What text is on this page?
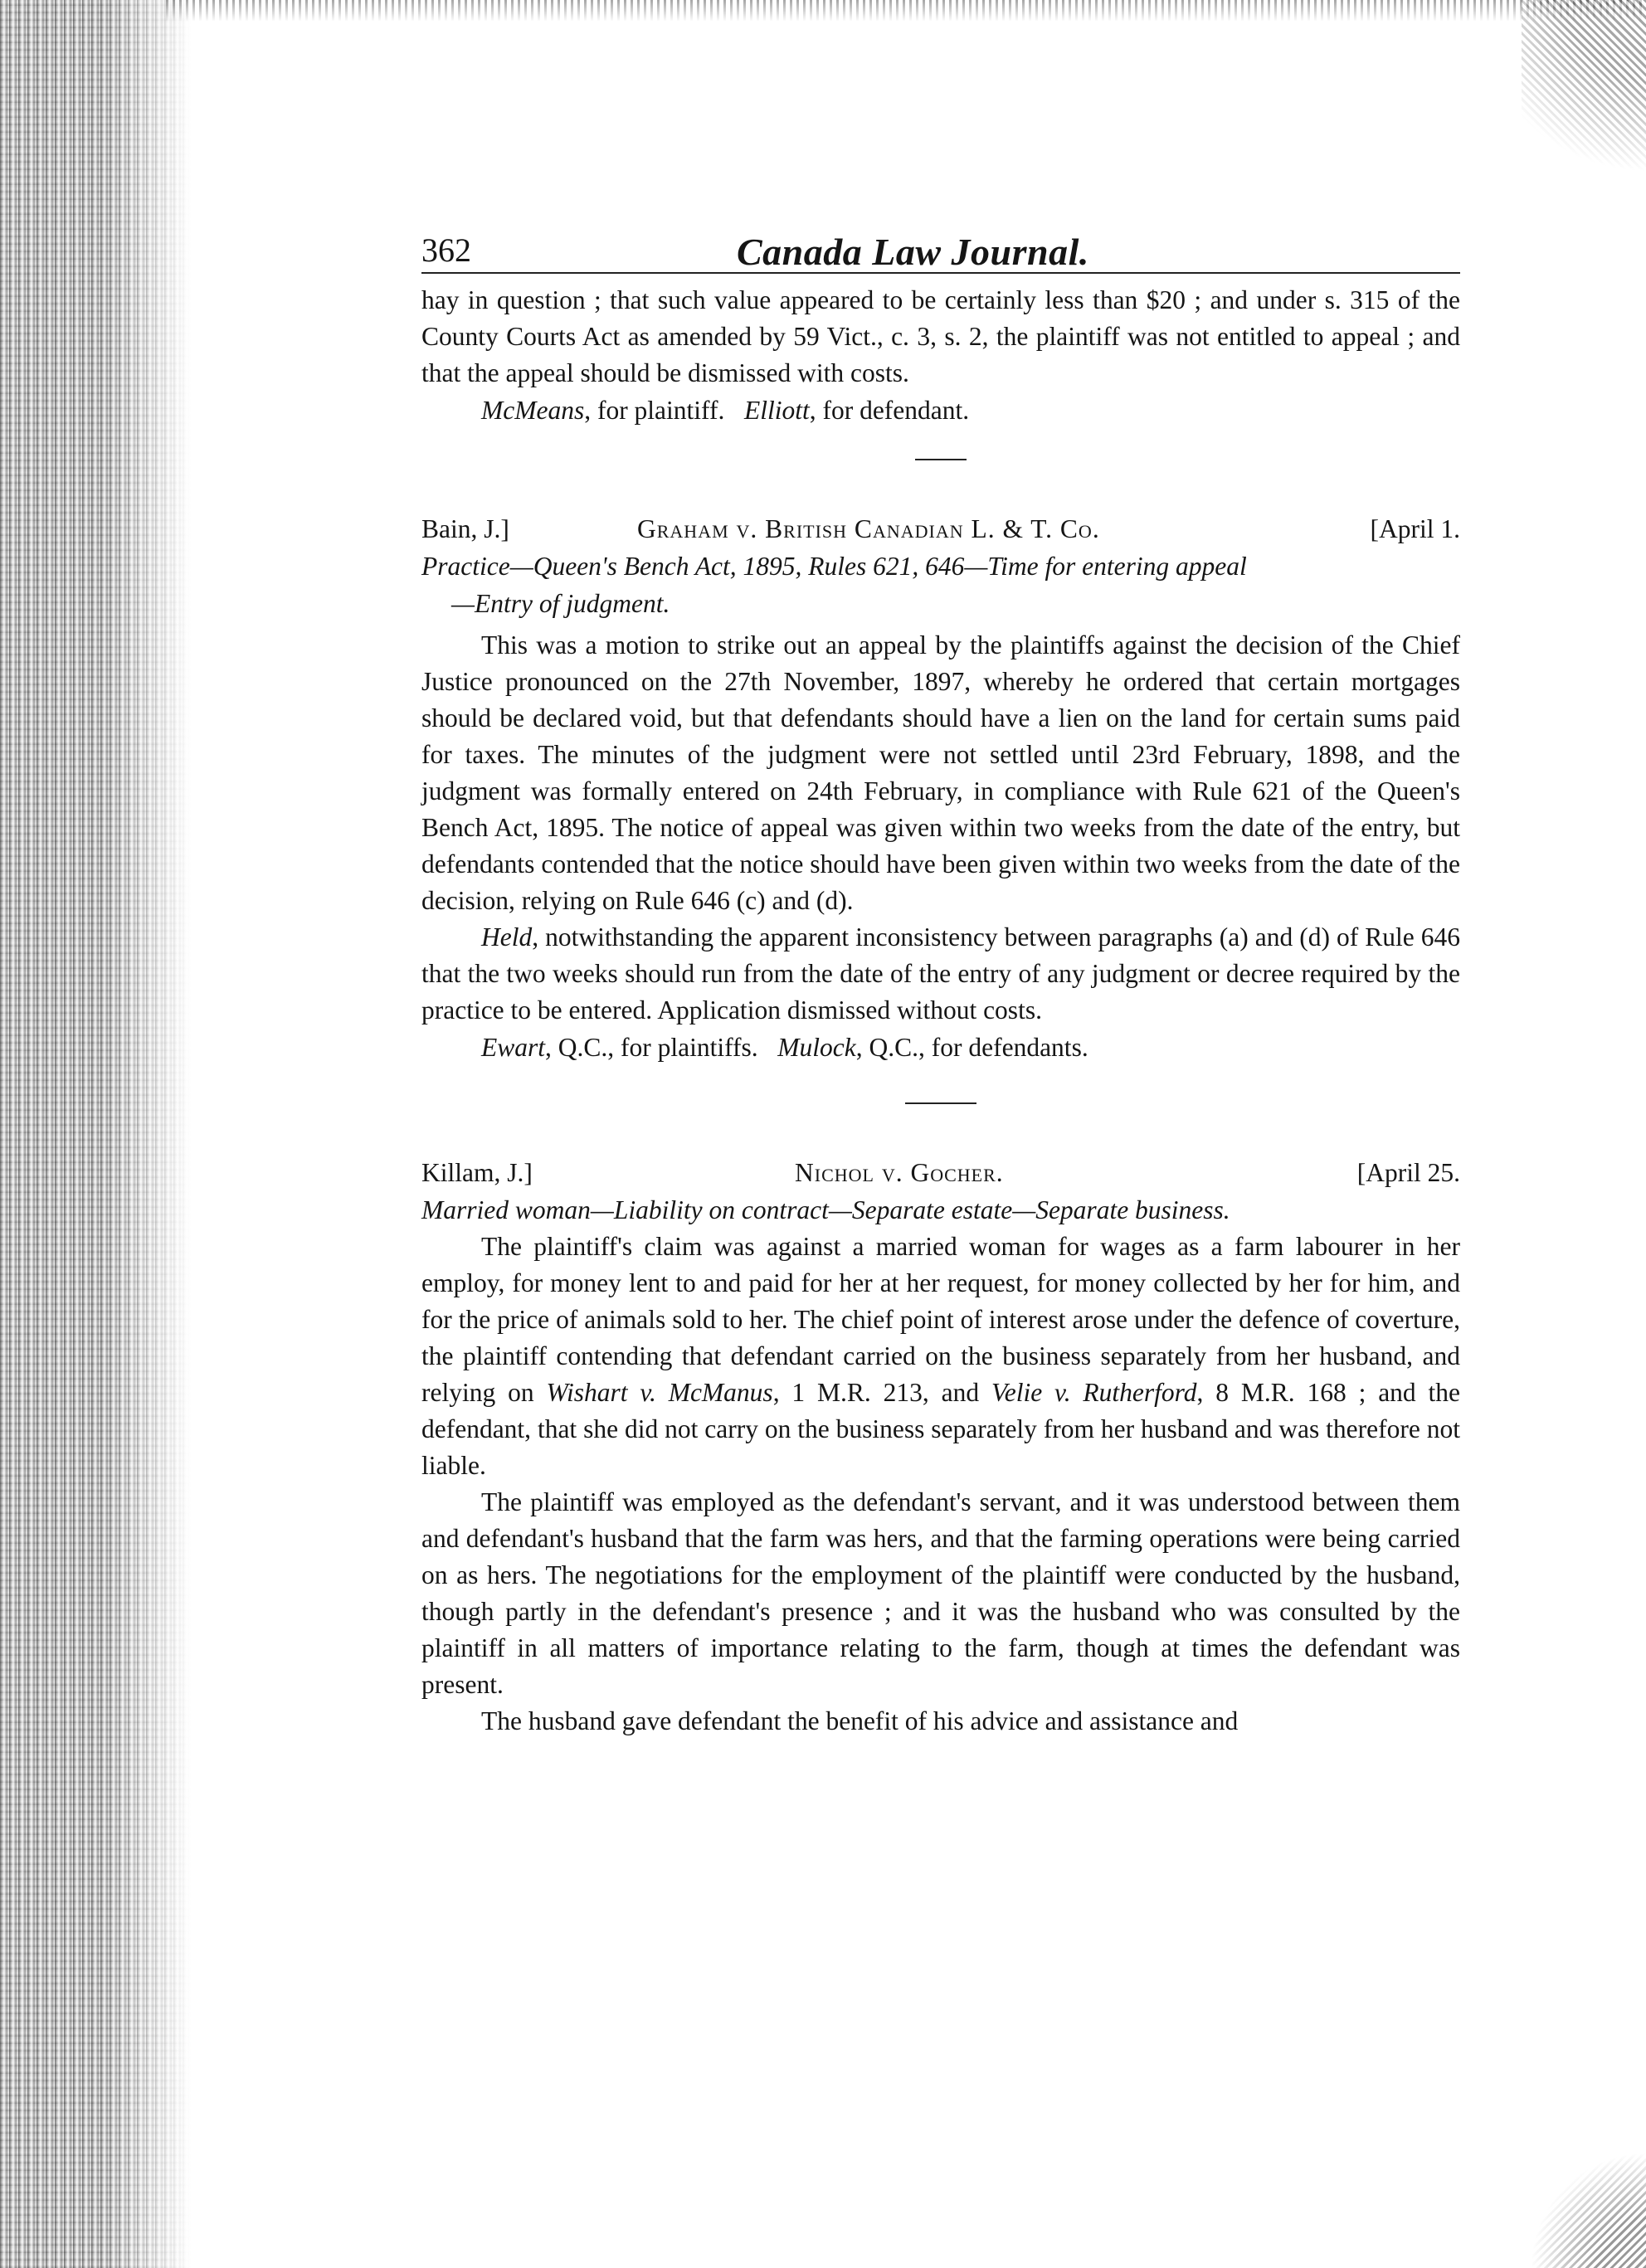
362	Canada Law Journal.

hay in question ; that such value appeared to be certainly less than $20 ; and under s. 315 of the County Courts Act as amended by 59 Vict., c. 3, s. 2, the plaintiff was not entitled to appeal ; and that the appeal should be dismissed with costs.

McMeans, for plaintiff. Elliott, for defendant.

Bain, J.]	Graham v. British Canadian L. & T. Co.	[April 1.

Practice—Queen's Bench Act, 1895, Rules 621, 646—Time for entering appeal

—Entry of judgment.

This was a motion to strike out an appeal by the plaintiffs against the decision of the Chief Justice pronounced on the 27th November, 1897, whereby he ordered that certain mortgages should be declared void, but that defendants should have a lien on the land for certain sums paid for taxes. The minutes of the judgment were not settled until 23rd February, 1898, and the judgment was formally entered on 24th February, in compliance with Rule 621 of the Queen's Bench Act, 1895. The notice of appeal was given within two weeks from the date of the entry, but defendants contended that the notice should have been given within two weeks from the date of the decision, relying on Rule 646 (c) and (d).

Held, notwithstanding the apparent inconsistency between paragraphs (a) and (d) of Rule 646 that the two weeks should run from the date of the entry of any judgment or decree required by the practice to be entered. Application dismissed without costs.

Ewart, Q.C., for plaintiffs. Mulock, Q.C., for defendants.

Killam, J.]	Nichol v. Gocher.	[April 25.

Married woman—Liability on contract—Separate estate—Separate business.

The plaintiff's claim was against a married woman for wages as a farm labourer in her employ, for money lent to and paid for her at her request, for money collected by her for him, and for the price of animals sold to her. The chief point of interest arose under the defence of coverture, the plaintiff contending that defendant carried on the business separately from her husband, and relying on Wishart v. McManus, 1 M.R. 213, and Velie v. Rutherford, 8 M.R. 168 ; and the defendant, that she did not carry on the business separately from her husband and was therefore not liable.

The plaintiff was employed as the defendant's servant, and it was understood between them and defendant's husband that the farm was hers, and that the farming operations were being carried on as hers. The negotiations for the employment of the plaintiff were conducted by the husband, though partly in the defendant's presence ; and it was the husband who was consulted by the plaintiff in all matters of importance relating to the farm, though at times the defendant was present.

The husband gave defendant the benefit of his advice and assistance and
